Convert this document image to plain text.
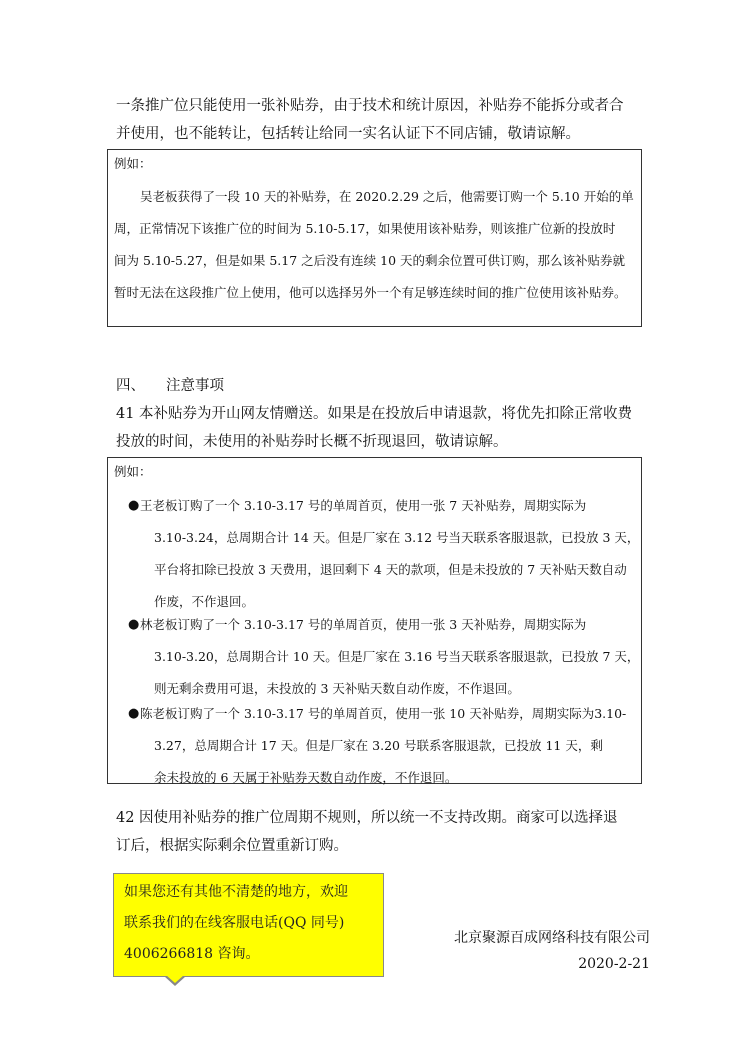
一条推广位只能使用一张补贴券，由于技术和统计原因，补贴券不能拆分或者合
并使用，也不能转让，包括转让给同一实名认证下不同店铺，敬请谅解。
例如：
吴老板获得了一段 10 天的补贴券，在 2020.2.29 之后，他需要订购一个 5.10 开始的单
周，正常情况下该推广位的时间为 5.10-5.17，如果使用该补贴券，则该推广位新的投放时
间为 5.10-5.27，但是如果 5.17 之后没有连续 10 天的剩余位置可供订购，那么该补贴券就
暂时无法在这段推广位上使用，他可以选择另外一个有足够连续时间的推广位使用该补贴券。
四、 注意事项
41 本补贴券为开山网友情赠送。如果是在投放后申请退款，将优先扣除正常收费
投放的时间，未使用的补贴券时长概不折现退回，敬请谅解。
例如：
● 王老板订购了一个 3.10-3.17 号的单周首页，使用一张 7 天补贴券，周期实际为
3.10-3.24，总周期合计 14 天。但是厂家在 3.12 号当天联系客服退款，已投放 3 天，
平台将扣除已投放 3 天费用，退回剩下 4 天的款项，但是未投放的 7 天补贴天数自动
作废，不作退回。
● 林老板订购了一个 3.10-3.17 号的单周首页，使用一张 3 天补贴券，周期实际为
3.10-3.20，总周期合计 10 天。但是厂家在 3.16 号当天联系客服退款，已投放 7 天，
则无剩余费用可退，未投放的 3 天补贴天数自动作废，不作退回。
● 陈老板订购了一个 3.10-3.17 号的单周首页，使用一张 10 天补贴券，周期实际为3.10-
3.27，总周期合计 17 天。但是厂家在 3.20 号联系客服退款，已投放 11 天，剩
余未投放的 6 天属于补贴券天数自动作废，不作退回。
42 因使用补贴券的推广位周期不规则，所以统一不支持改期。商家可以选择退
订后，根据实际剩余位置重新订购。
如果您还有其他不清楚的地方，欢迎
联系我们的在线客服电话(QQ 同号)
4006266818 咨询。
北京聚源百成网络科技有限公司
2020-2-21
